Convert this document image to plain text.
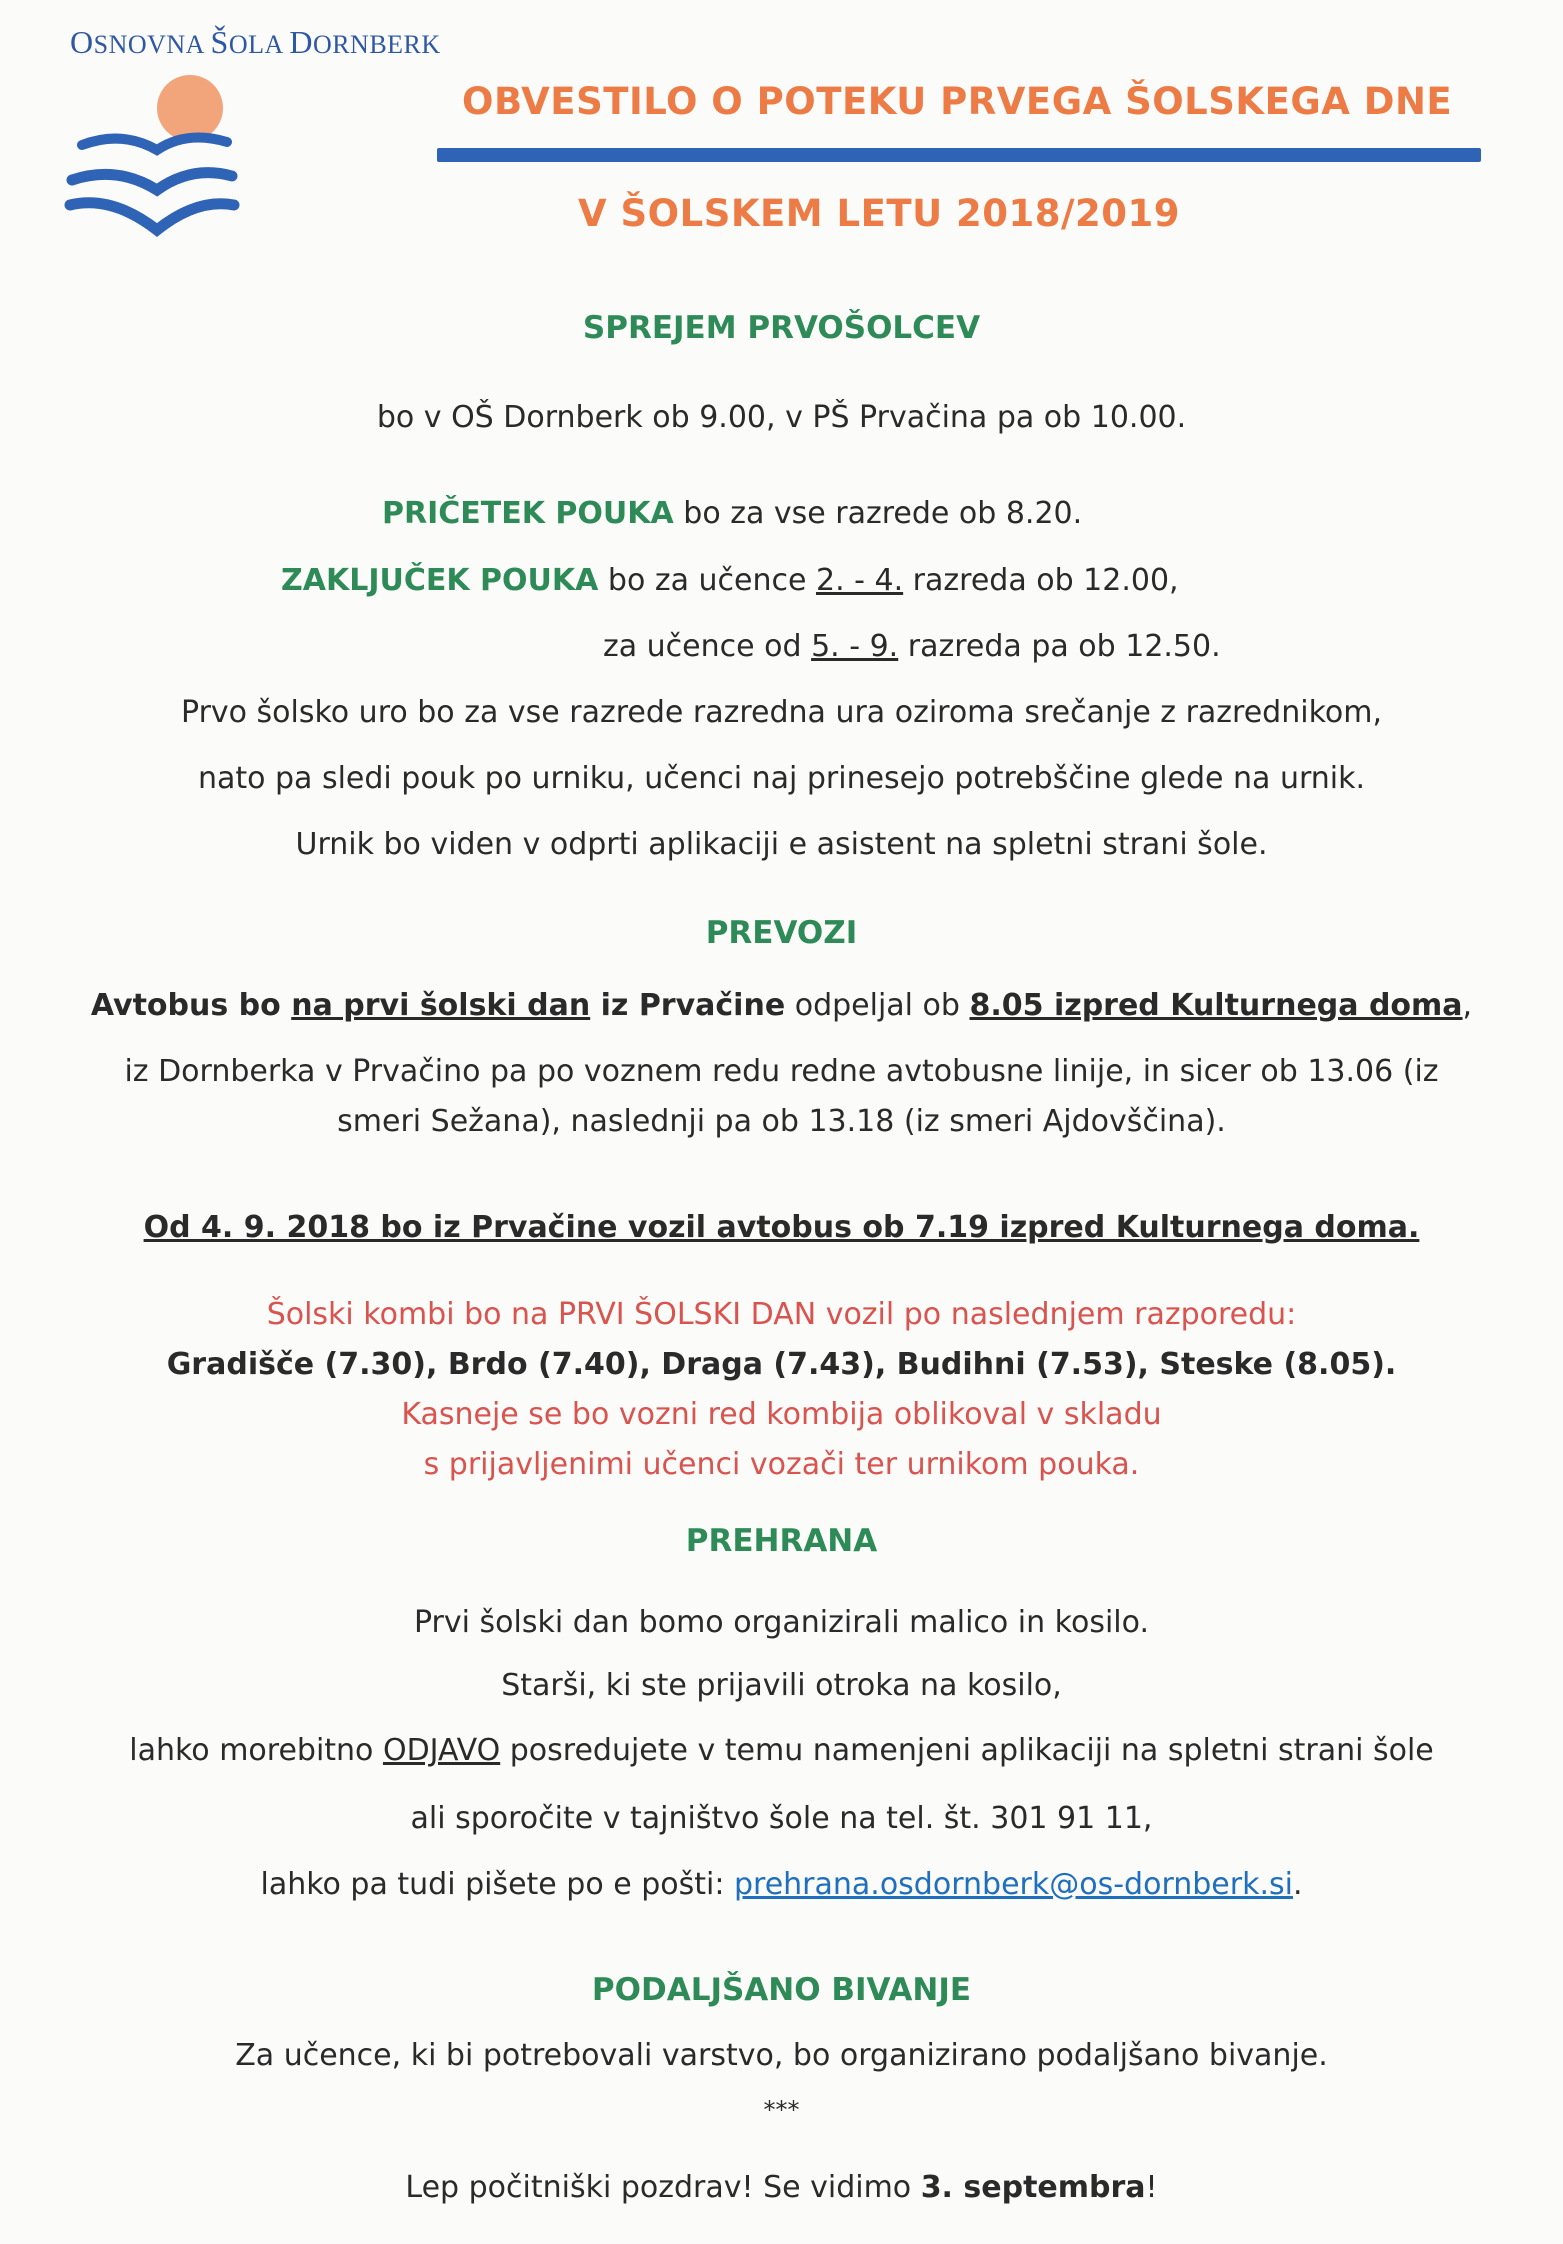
OSNOVNA ŠOLA DORNBERK
OBVESTILO O POTEKU PRVEGA ŠOLSKEGA DNE
V ŠOLSKEM LETU 2018/2019
SPREJEM PRVOŠOLCEV
bo v OŠ Dornberk ob 9.00, v PŠ Prvačina pa ob 10.00.
PRIČETEK POUKA bo za vse razrede ob 8.20.
ZAKLJUČEK POUKA bo za učence 2. - 4. razreda ob 12.00,
za učence od 5. - 9. razreda pa ob 12.50.
Prvo šolsko uro bo za vse razrede razredna ura oziroma srečanje z razrednikom,
nato pa sledi pouk po urniku, učenci naj prinesejo potrebščine glede na urnik.
Urnik bo viden v odprti aplikaciji e asistent na spletni strani šole.
PREVOZI
Avtobus bo na prvi šolski dan iz Prvačine odpeljal ob 8.05 izpred Kulturnega doma,
iz Dornberka v Prvačino pa po voznem redu redne avtobusne linije, in sicer ob 13.06 (iz
smeri Sežana), naslednji pa ob 13.18 (iz smeri Ajdovščina).
Od 4. 9. 2018 bo iz Prvačine vozil avtobus ob 7.19 izpred Kulturnega doma.
Šolski kombi bo na PRVI ŠOLSKI DAN vozil po naslednjem razporedu:
Gradišče (7.30), Brdo (7.40), Draga (7.43), Budihni (7.53), Steske (8.05).
Kasneje se bo vozni red kombija oblikoval v skladu
s prijavljenimi učenci vozači ter urnikom pouka.
PREHRANA
Prvi šolski dan bomo organizirali malico in kosilo.
Starši, ki ste prijavili otroka na kosilo,
lahko morebitno ODJAVO posredujete v temu namenjeni aplikaciji na spletni strani šole
ali sporočite v tajništvo šole na tel. št. 301 91 11,
lahko pa tudi pišete po e pošti: prehrana.osdornberk@os-dornberk.si.
PODALJŠANO BIVANJE
Za učence, ki bi potrebovali varstvo, bo organizirano podaljšano bivanje.
***
Lep počitniški pozdrav! Se vidimo 3. septembra!
